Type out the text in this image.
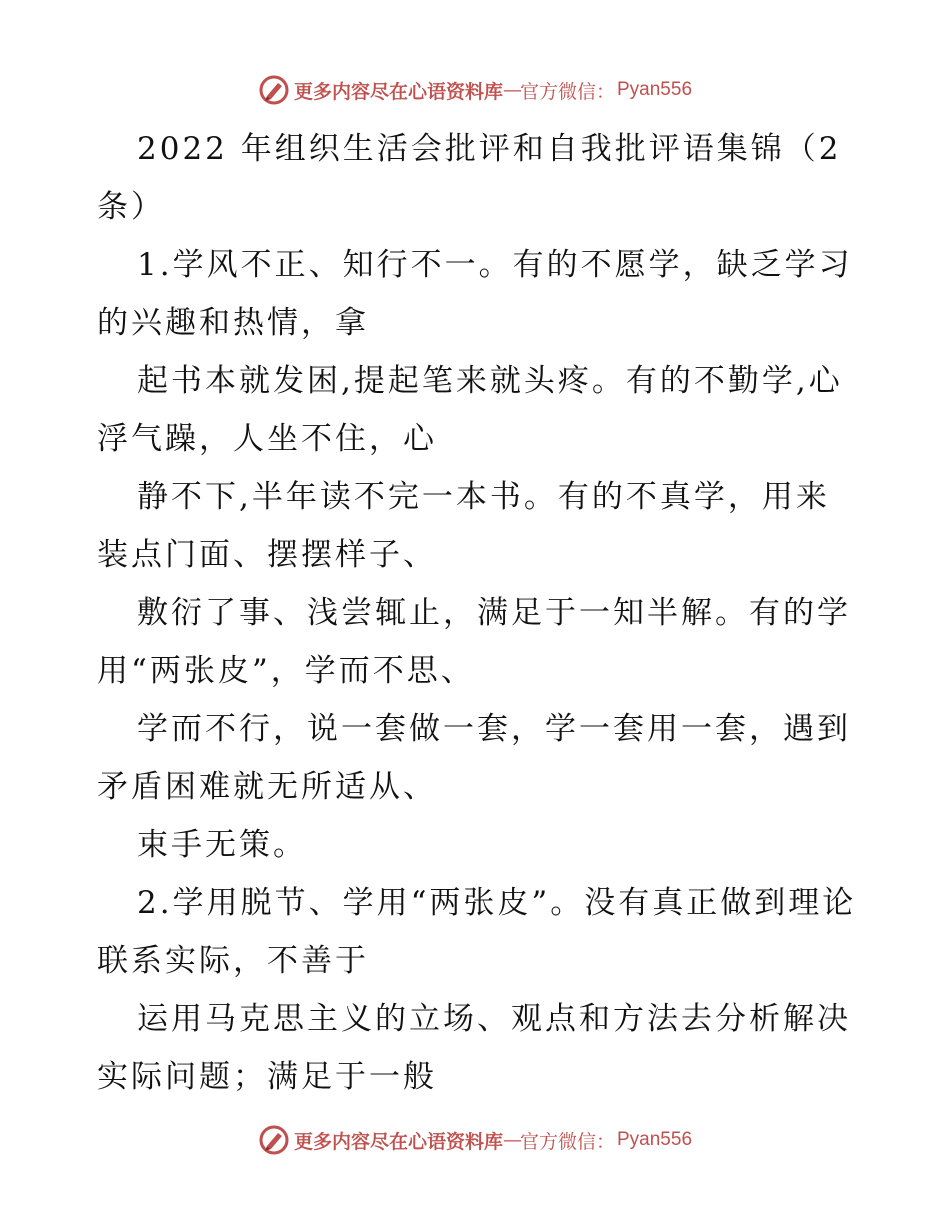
更多内容尽在心语资料库 — 官方微信： Pyan556

2022 年组织生活会批评和自我批评语集锦（2 条）

1.学风不正、知行不一。有的不愿学，缺乏学习的兴趣和热情，拿

起书本就发困,提起笔来就头疼。有的不勤学,心浮气躁，人坐不住，心

静不下,半年读不完一本书。有的不真学，用来装点门面、摆摆样子、

敷衍了事、浅尝辄止，满足于一知半解。有的学用“两张皮”，学而不思、

学而不行，说一套做一套，学一套用一套，遇到矛盾困难就无所适从、

束手无策。

2.学用脱节、学用“两张皮”。没有真正做到理论联系实际，不善于

运用马克思主义的立场、观点和方法去分析解决实际问题；满足于一般

更多内容尽在心语资料库 — 官方微信： Pyan556
